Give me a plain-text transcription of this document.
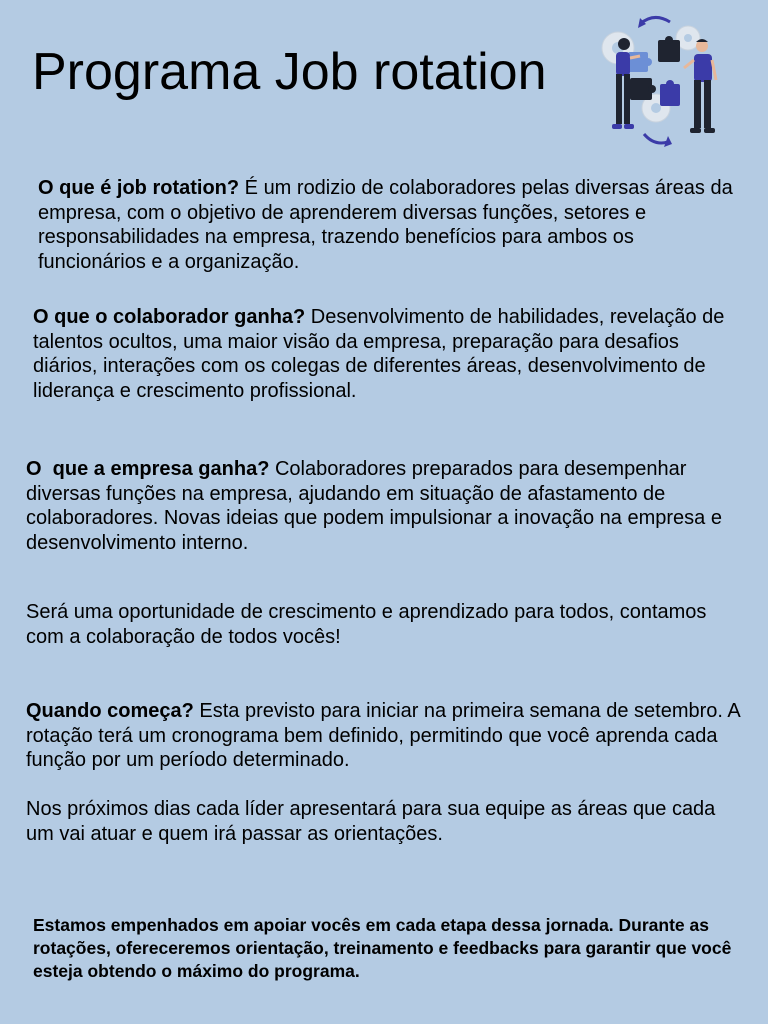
Programa Job rotation

O que é job rotation? É um rodizio de colaboradores pelas diversas áreas da empresa, com o objetivo de aprenderem diversas funções, setores e responsabilidades na empresa, trazendo benefícios para ambos os funcionários e a organização.

O que o colaborador ganha? Desenvolvimento de habilidades, revelação de talentos ocultos, uma maior visão da empresa, preparação para desafios diários, interações com os colegas de diferentes áreas, desenvolvimento de liderança e crescimento profissional.

O  que a empresa ganha? Colaboradores preparados para desempenhar diversas funções na empresa, ajudando em situação de afastamento de colaboradores. Novas ideias que podem impulsionar a inovação na empresa e desenvolvimento interno.

Será uma oportunidade de crescimento e aprendizado para todos, contamos com a colaboração de todos vocês!

Quando começa? Esta previsto para iniciar na primeira semana de setembro. A rotação terá um cronograma bem definido, permitindo que você aprenda cada função por um período determinado.

Nos próximos dias cada líder apresentará para sua equipe as áreas que cada um vai atuar e quem irá passar as orientações.

Estamos empenhados em apoiar vocês em cada etapa dessa jornada. Durante as rotações, ofereceremos orientação, treinamento e feedbacks para garantir que você esteja obtendo o máximo do programa.
